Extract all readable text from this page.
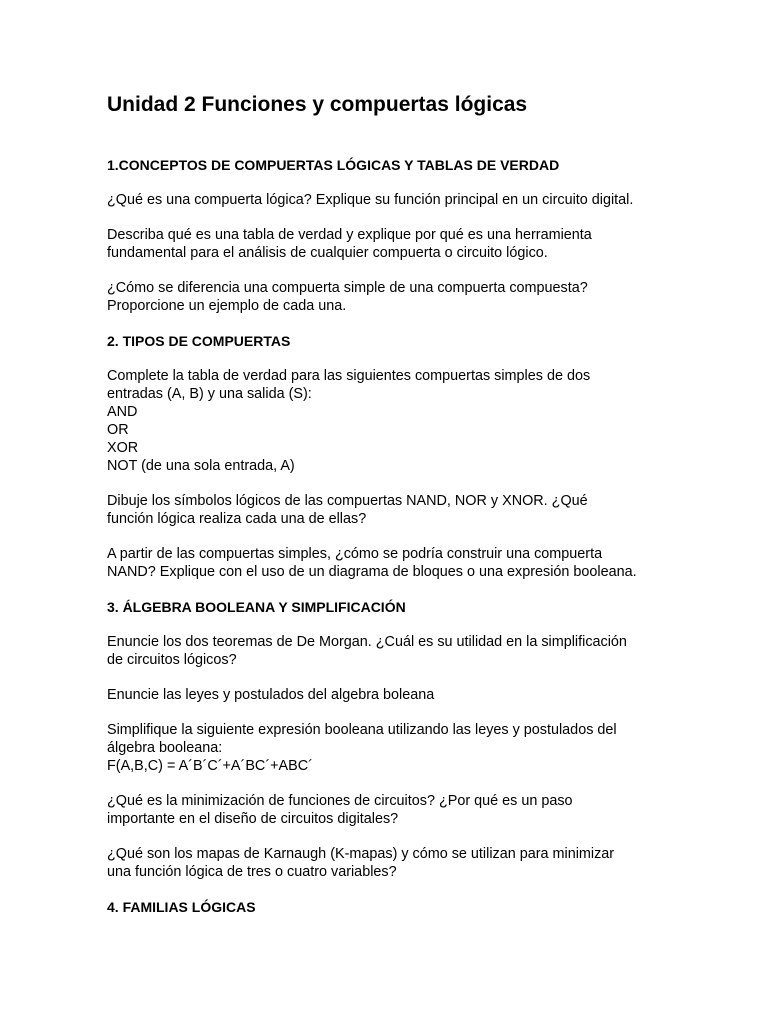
Unidad 2 Funciones y compuertas lógicas
1.CONCEPTOS DE COMPUERTAS LÓGICAS Y TABLAS DE VERDAD

¿Qué es una compuerta lógica? Explique su función principal en un circuito digital.

Describa qué es una tabla de verdad y explique por qué es una herramienta
fundamental para el análisis de cualquier compuerta o circuito lógico.

¿Cómo se diferencia una compuerta simple de una compuerta compuesta?
Proporcione un ejemplo de cada una.

2. TIPOS DE COMPUERTAS
Complete la tabla de verdad para las siguientes compuertas simples de dos
entradas (A, B) y una salida (S):
AND
OR
XOR
NOT (de una sola entrada, A)

Dibuje los símbolos lógicos de las compuertas NAND, NOR y XNOR. ¿Qué
función lógica realiza cada una de ellas?

A partir de las compuertas simples, ¿cómo se podría construir una compuerta
NAND? Explique con el uso de un diagrama de bloques o una expresión booleana.

3. ÁLGEBRA BOOLEANA Y SIMPLIFICACIÓN

Enuncie los dos teoremas de De Morgan. ¿Cuál es su utilidad en la simplificación
de circuitos lógicos?

Enuncie las leyes y postulados del algebra boleana

Simplifique la siguiente expresión booleana utilizando las leyes y postulados del
álgebra booleana:
F(A,B,C) = A´B´C´+A´BC´+ABC´

¿Qué es la minimización de funciones de circuitos? ¿Por qué es un paso
importante en el diseño de circuitos digitales?

¿Qué son los mapas de Karnaugh (K-mapas) y cómo se utilizan para minimizar
una función lógica de tres o cuatro variables?

4. FAMILIAS LÓGICAS
